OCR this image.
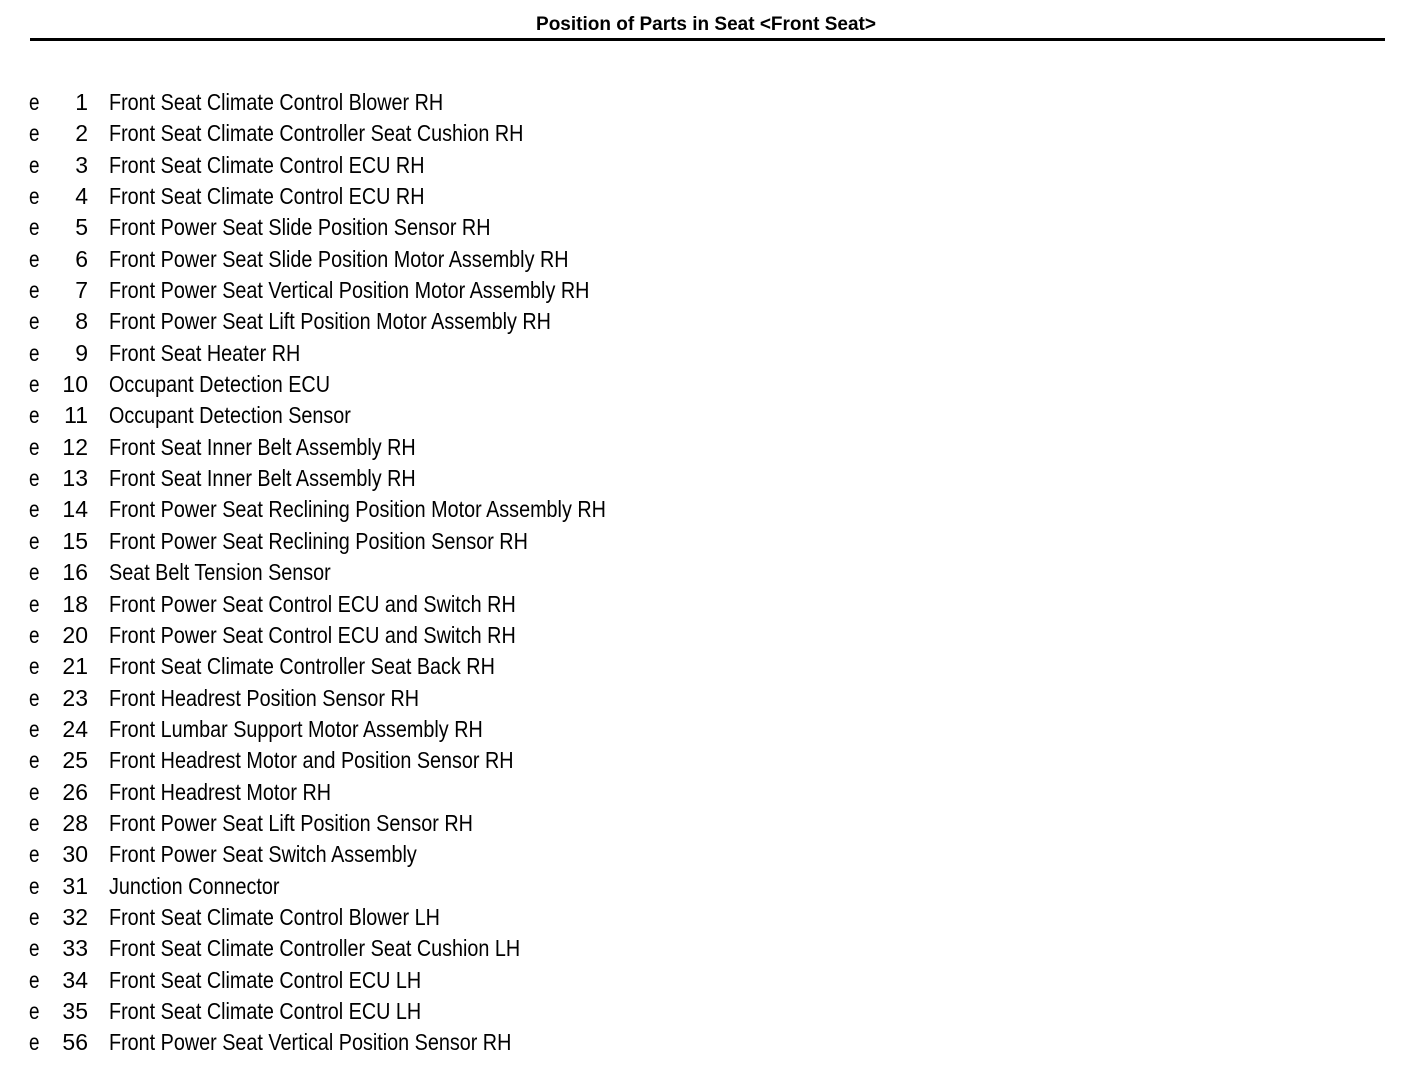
Position of Parts in Seat <Front Seat>
e	1 Front Seat Climate Control Blower RH
e	2 Front Seat Climate Controller Seat Cushion RH
e	3 Front Seat Climate Control ECU RH
e	4 Front Seat Climate Control ECU RH
e	5 Front Power Seat Slide Position Sensor RH
e	6 Front Power Seat Slide Position Motor Assembly RH
e	7 Front Power Seat Vertical Position Motor Assembly RH
e	8 Front Power Seat Lift Position Motor Assembly RH
e	9 Front Seat Heater RH
e 10 Occupant Detection ECU
e	11 Occupant Detection Sensor
e 12 Front Seat Inner Belt Assembly RH
e 13 Front Seat Inner Belt Assembly RH
e 14 Front Power Seat Reclining Position Motor Assembly RH
e 15 Front Power Seat Reclining Position Sensor RH
e 16 Seat Belt Tension Sensor
e 18 Front Power Seat Control ECU and Switch RH
e 20 Front Power Seat Control ECU and Switch RH
e 21 Front Seat Climate Controller Seat Back RH
e 23 Front Headrest Position Sensor RH
e 24 Front Lumbar Support Motor Assembly RH
e 25 Front Headrest Motor and Position Sensor RH
e 26 Front Headrest Motor RH
e 28 Front Power Seat Lift Position Sensor RH
e 30 Front Power Seat Switch Assembly
e 31 Junction Connector
e 32 Front Seat Climate Control Blower LH
e 33 Front Seat Climate Controller Seat Cushion LH
e 34 Front Seat Climate Control ECU LH
e 35 Front Seat Climate Control ECU LH
e 56 Front Power Seat Vertical Position Sensor RH
